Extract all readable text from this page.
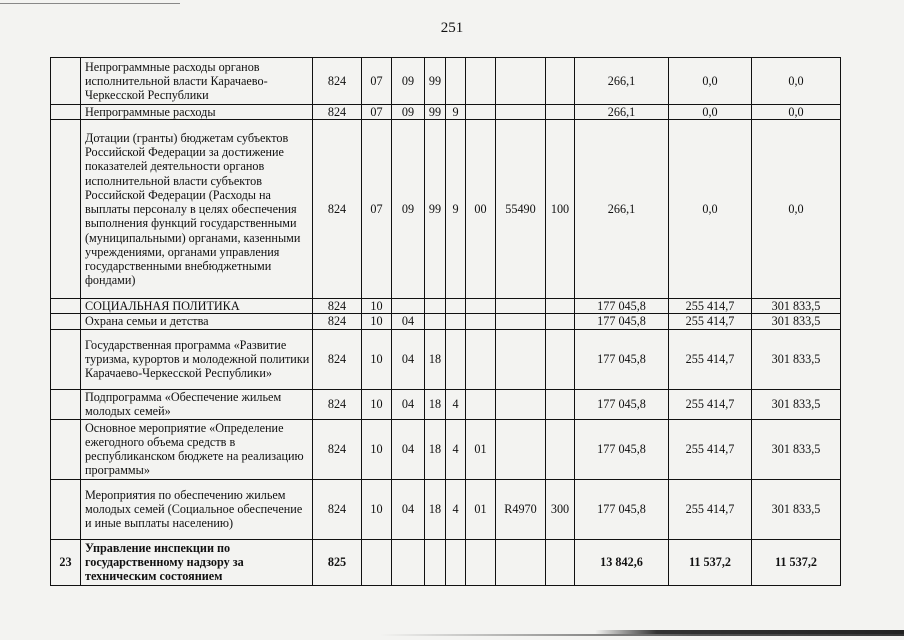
251
	Непрограммные расходы органов исполнительной власти Карачаево-Черкесской Республики	824	07	09	99					266,1	0,0	0,0
	Непрограммные расходы	824	07	09	99	9				266,1	0,0	0,0
	Дотации (гранты) бюджетам субъектов Российской Федерации за достижение показателей деятельности органов исполнительной власти субъектов Российской Федерации (Расходы на выплаты персоналу в целях обеспечения выполнения функций государственными (муниципальными) органами, казенными учреждениями, органами управления государственными внебюджетными фондами)	824	07	09	99	9	00	55490	100	266,1	0,0	0,0
	СОЦИАЛЬНАЯ ПОЛИТИКА	824	10							177 045,8	255 414,7	301 833,5
	Охрана семьи и детства	824	10	04						177 045,8	255 414,7	301 833,5
	Государственная программа «Развитие туризма, курортов и молодежной политики Карачаево-Черкесской Республики»	824	10	04	18					177 045,8	255 414,7	301 833,5
	Подпрограмма «Обеспечение жильем молодых семей»	824	10	04	18	4				177 045,8	255 414,7	301 833,5
	Основное мероприятие «Определение ежегодного объема средств в республиканском бюджете на реализацию программы»	824	10	04	18	4	01			177 045,8	255 414,7	301 833,5
	Мероприятия по обеспечению жильем молодых семей (Социальное обеспечение и иные выплаты населению)	824	10	04	18	4	01	R4970	300	177 045,8	255 414,7	301 833,5
23	Управление инспекции по государственному надзору за техническим состоянием	825								13 842,6	11 537,2	11 537,2
